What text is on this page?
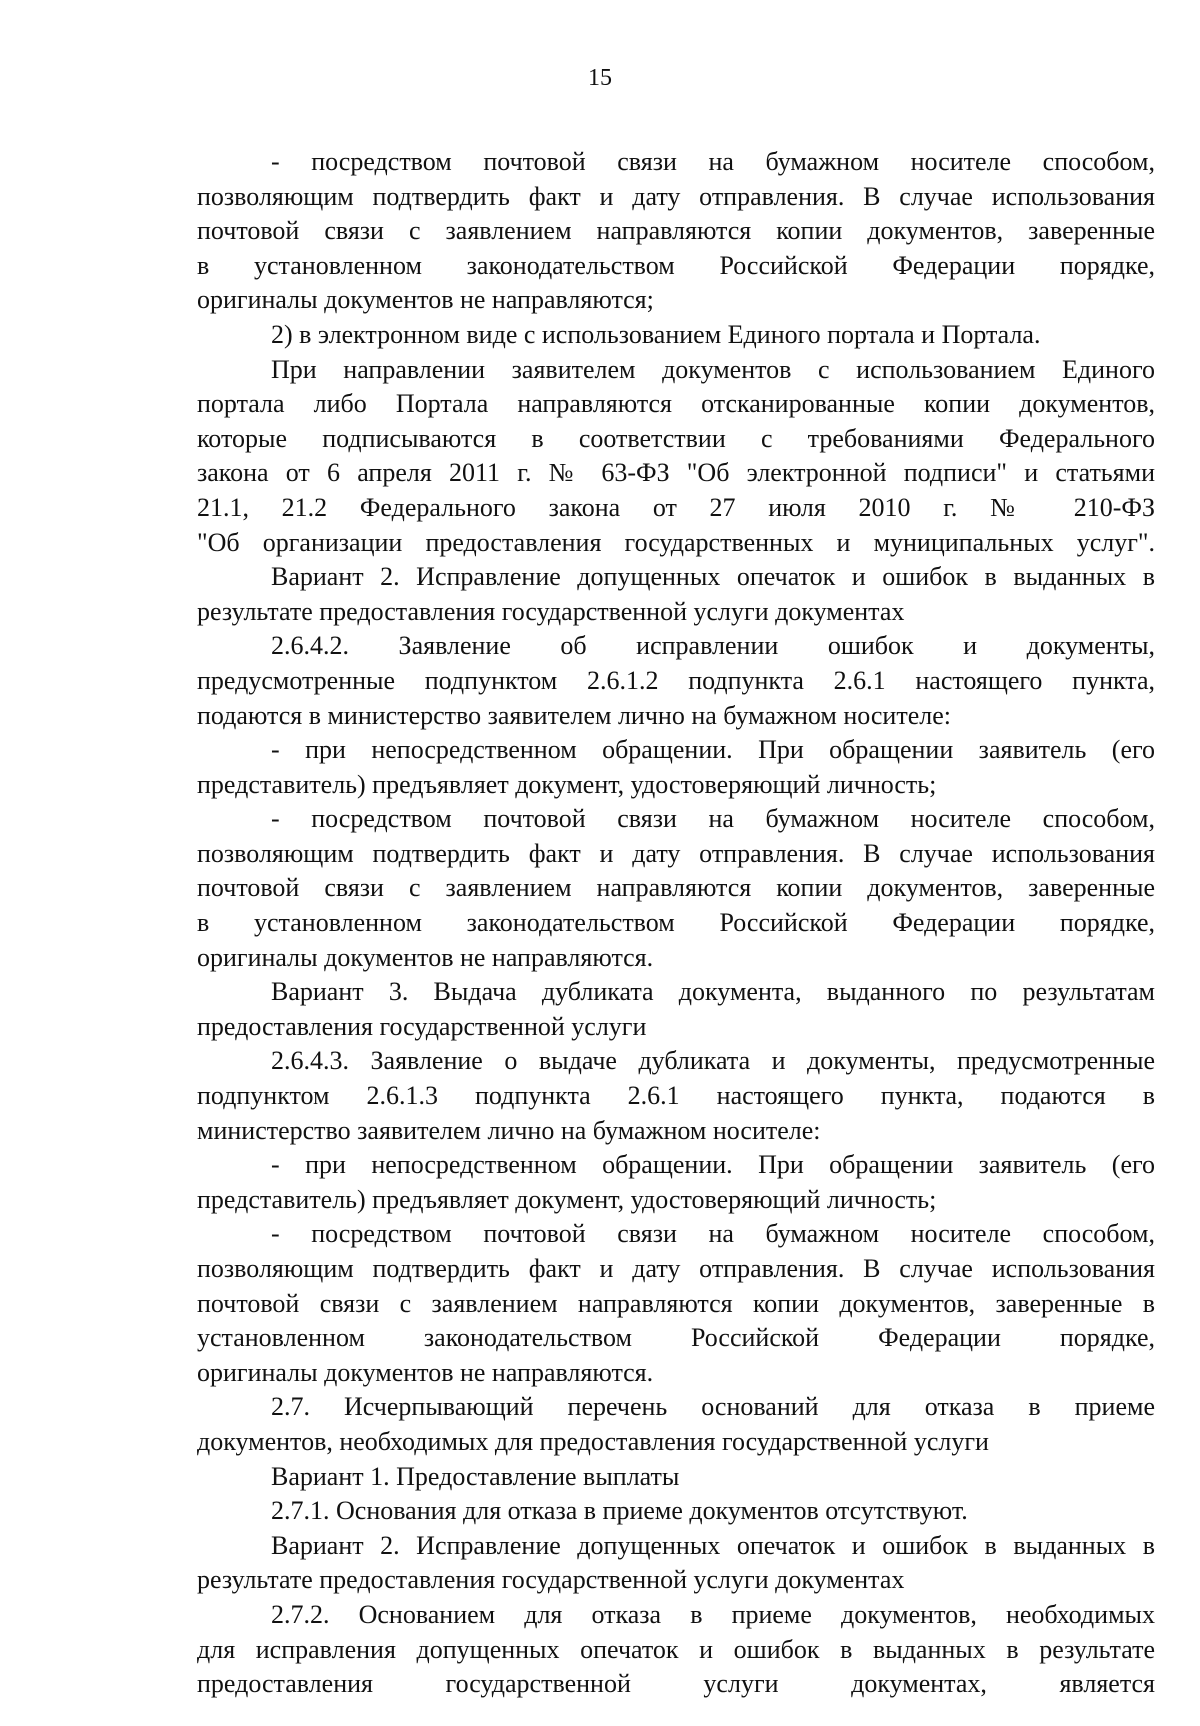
15
- посредством почтовой связи на бумажном носителе способом,
позволяющим подтвердить факт и дату отправления. В случае использования
почтовой связи с заявлением направляются копии документов, заверенные
в установленном законодательством Российской Федерации порядке,
оригиналы документов не направляются;
2) в электронном виде с использованием Единого портала и Портала.
При направлении заявителем документов с использованием Единого
портала либо Портала направляются отсканированные копии документов,
которые подписываются в соответствии с требованиями Федерального
закона от 6 апреля 2011 г. № 63-ФЗ "Об электронной подписи" и статьями
21.1, 21.2 Федерального закона от 27 июля 2010 г. № 210-ФЗ
"Об организации предоставления государственных и муниципальных услуг".
Вариант 2. Исправление допущенных опечаток и ошибок в выданных в
результате предоставления государственной услуги документах
2.6.4.2. Заявление об исправлении ошибок и документы,
предусмотренные подпунктом 2.6.1.2 подпункта 2.6.1 настоящего пункта,
подаются в министерство заявителем лично на бумажном носителе:
- при непосредственном обращении. При обращении заявитель (его
представитель) предъявляет документ, удостоверяющий личность;
- посредством почтовой связи на бумажном носителе способом,
позволяющим подтвердить факт и дату отправления. В случае использования
почтовой связи с заявлением направляются копии документов, заверенные
в установленном законодательством Российской Федерации порядке,
оригиналы документов не направляются.
Вариант 3. Выдача дубликата документа, выданного по результатам
предоставления государственной услуги
2.6.4.3. Заявление о выдаче дубликата и документы, предусмотренные
подпунктом 2.6.1.3 подпункта 2.6.1 настоящего пункта, подаются в
министерство заявителем лично на бумажном носителе:
- при непосредственном обращении. При обращении заявитель (его
представитель) предъявляет документ, удостоверяющий личность;
- посредством почтовой связи на бумажном носителе способом,
позволяющим подтвердить факт и дату отправления. В случае использования
почтовой связи с заявлением направляются копии документов, заверенные в
установленном законодательством Российской Федерации порядке,
оригиналы документов не направляются.
2.7. Исчерпывающий перечень оснований для отказа в приеме
документов, необходимых для предоставления государственной услуги
Вариант 1. Предоставление выплаты
2.7.1. Основания для отказа в приеме документов отсутствуют.
Вариант 2. Исправление допущенных опечаток и ошибок в выданных в
результате предоставления государственной услуги документах
2.7.2. Основанием для отказа в приеме документов, необходимых
для исправления допущенных опечаток и ошибок в выданных в результате
предоставления государственной услуги документах, является
